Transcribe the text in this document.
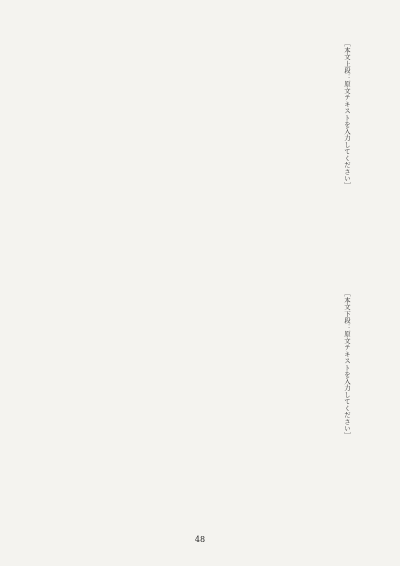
［本文上段：原文テキストを入力してください］
［本文下段：原文テキストを入力してください］
48
